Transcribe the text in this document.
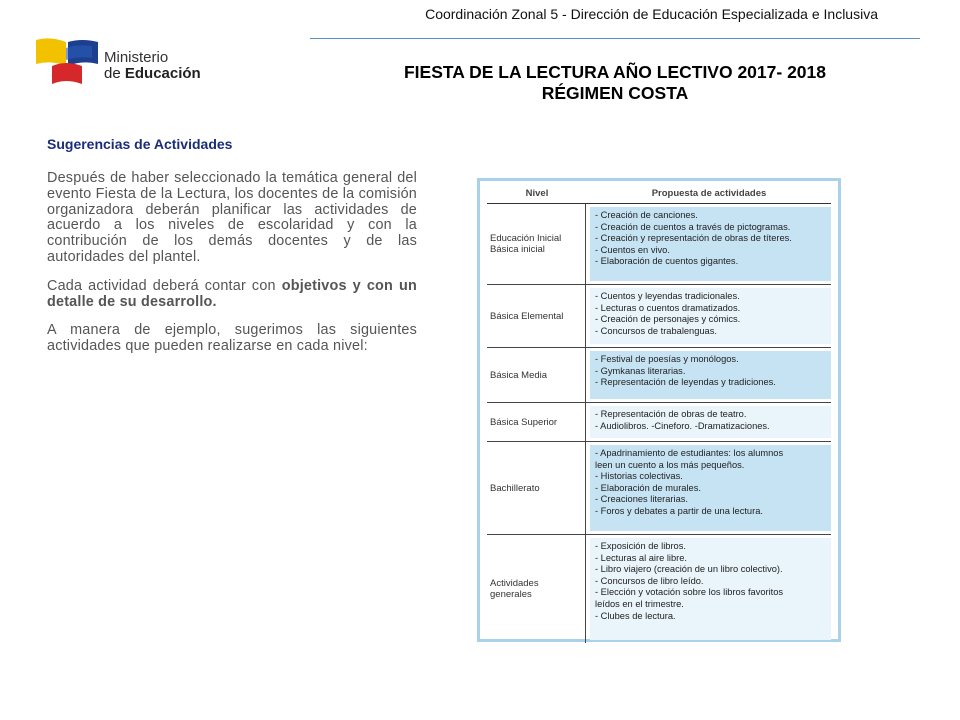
Coordinación Zonal 5 - Dirección de Educación Especializada e Inclusiva
Ministerio
de Educación	FIESTA DE LA LECTURA AÑO LECTIVO 2017- 2018
RÉGIMEN COSTA
Sugerencias de Actividades

Después de haber seleccionado la temática general del evento Fiesta de la Lectura, los docentes de la comisión organizadora deberán planificar las actividades de acuerdo a los niveles de escolaridad y con la contribución de los demás docentes y de las autoridades del plantel.

Cada actividad deberá contar con objetivos y con un detalle de su desarrollo.

A manera de ejemplo, sugerimos las siguientes actividades que pueden realizarse en cada nivel:

Nivel	Propuesta de actividades
Educación Inicial
Básica inicial
- Creación de canciones.
- Creación de cuentos a través de pictogramas.
- Creación y representación de obras de títeres.
- Cuentos en vivo.
- Elaboración de cuentos gigantes.
Básica Elemental
- Cuentos y leyendas tradicionales.
- Lecturas o cuentos dramatizados.
- Creación de personajes y cómics.
- Concursos de trabalenguas.
Básica Media
- Festival de poesías y monólogos.
- Gymkanas literarias.
- Representación de leyendas y tradiciones.
Básica Superior
- Representación de obras de teatro.
- Audiolibros. -Cineforo. -Dramatizaciones.
Bachillerato
- Apadrinamiento de estudiantes: los alumnos
leen un cuento a los más pequeños.
- Historias colectivas.
- Elaboración de murales.
- Creaciones literarias.
- Foros y debates a partir de una lectura.
Actividades
generales
- Exposición de libros.
- Lecturas al aire libre.
- Libro viajero (creación de un libro colectivo).
- Concursos de libro leído.
- Elección y votación sobre los libros favoritos
leídos en el trimestre.
- Clubes de lectura.
